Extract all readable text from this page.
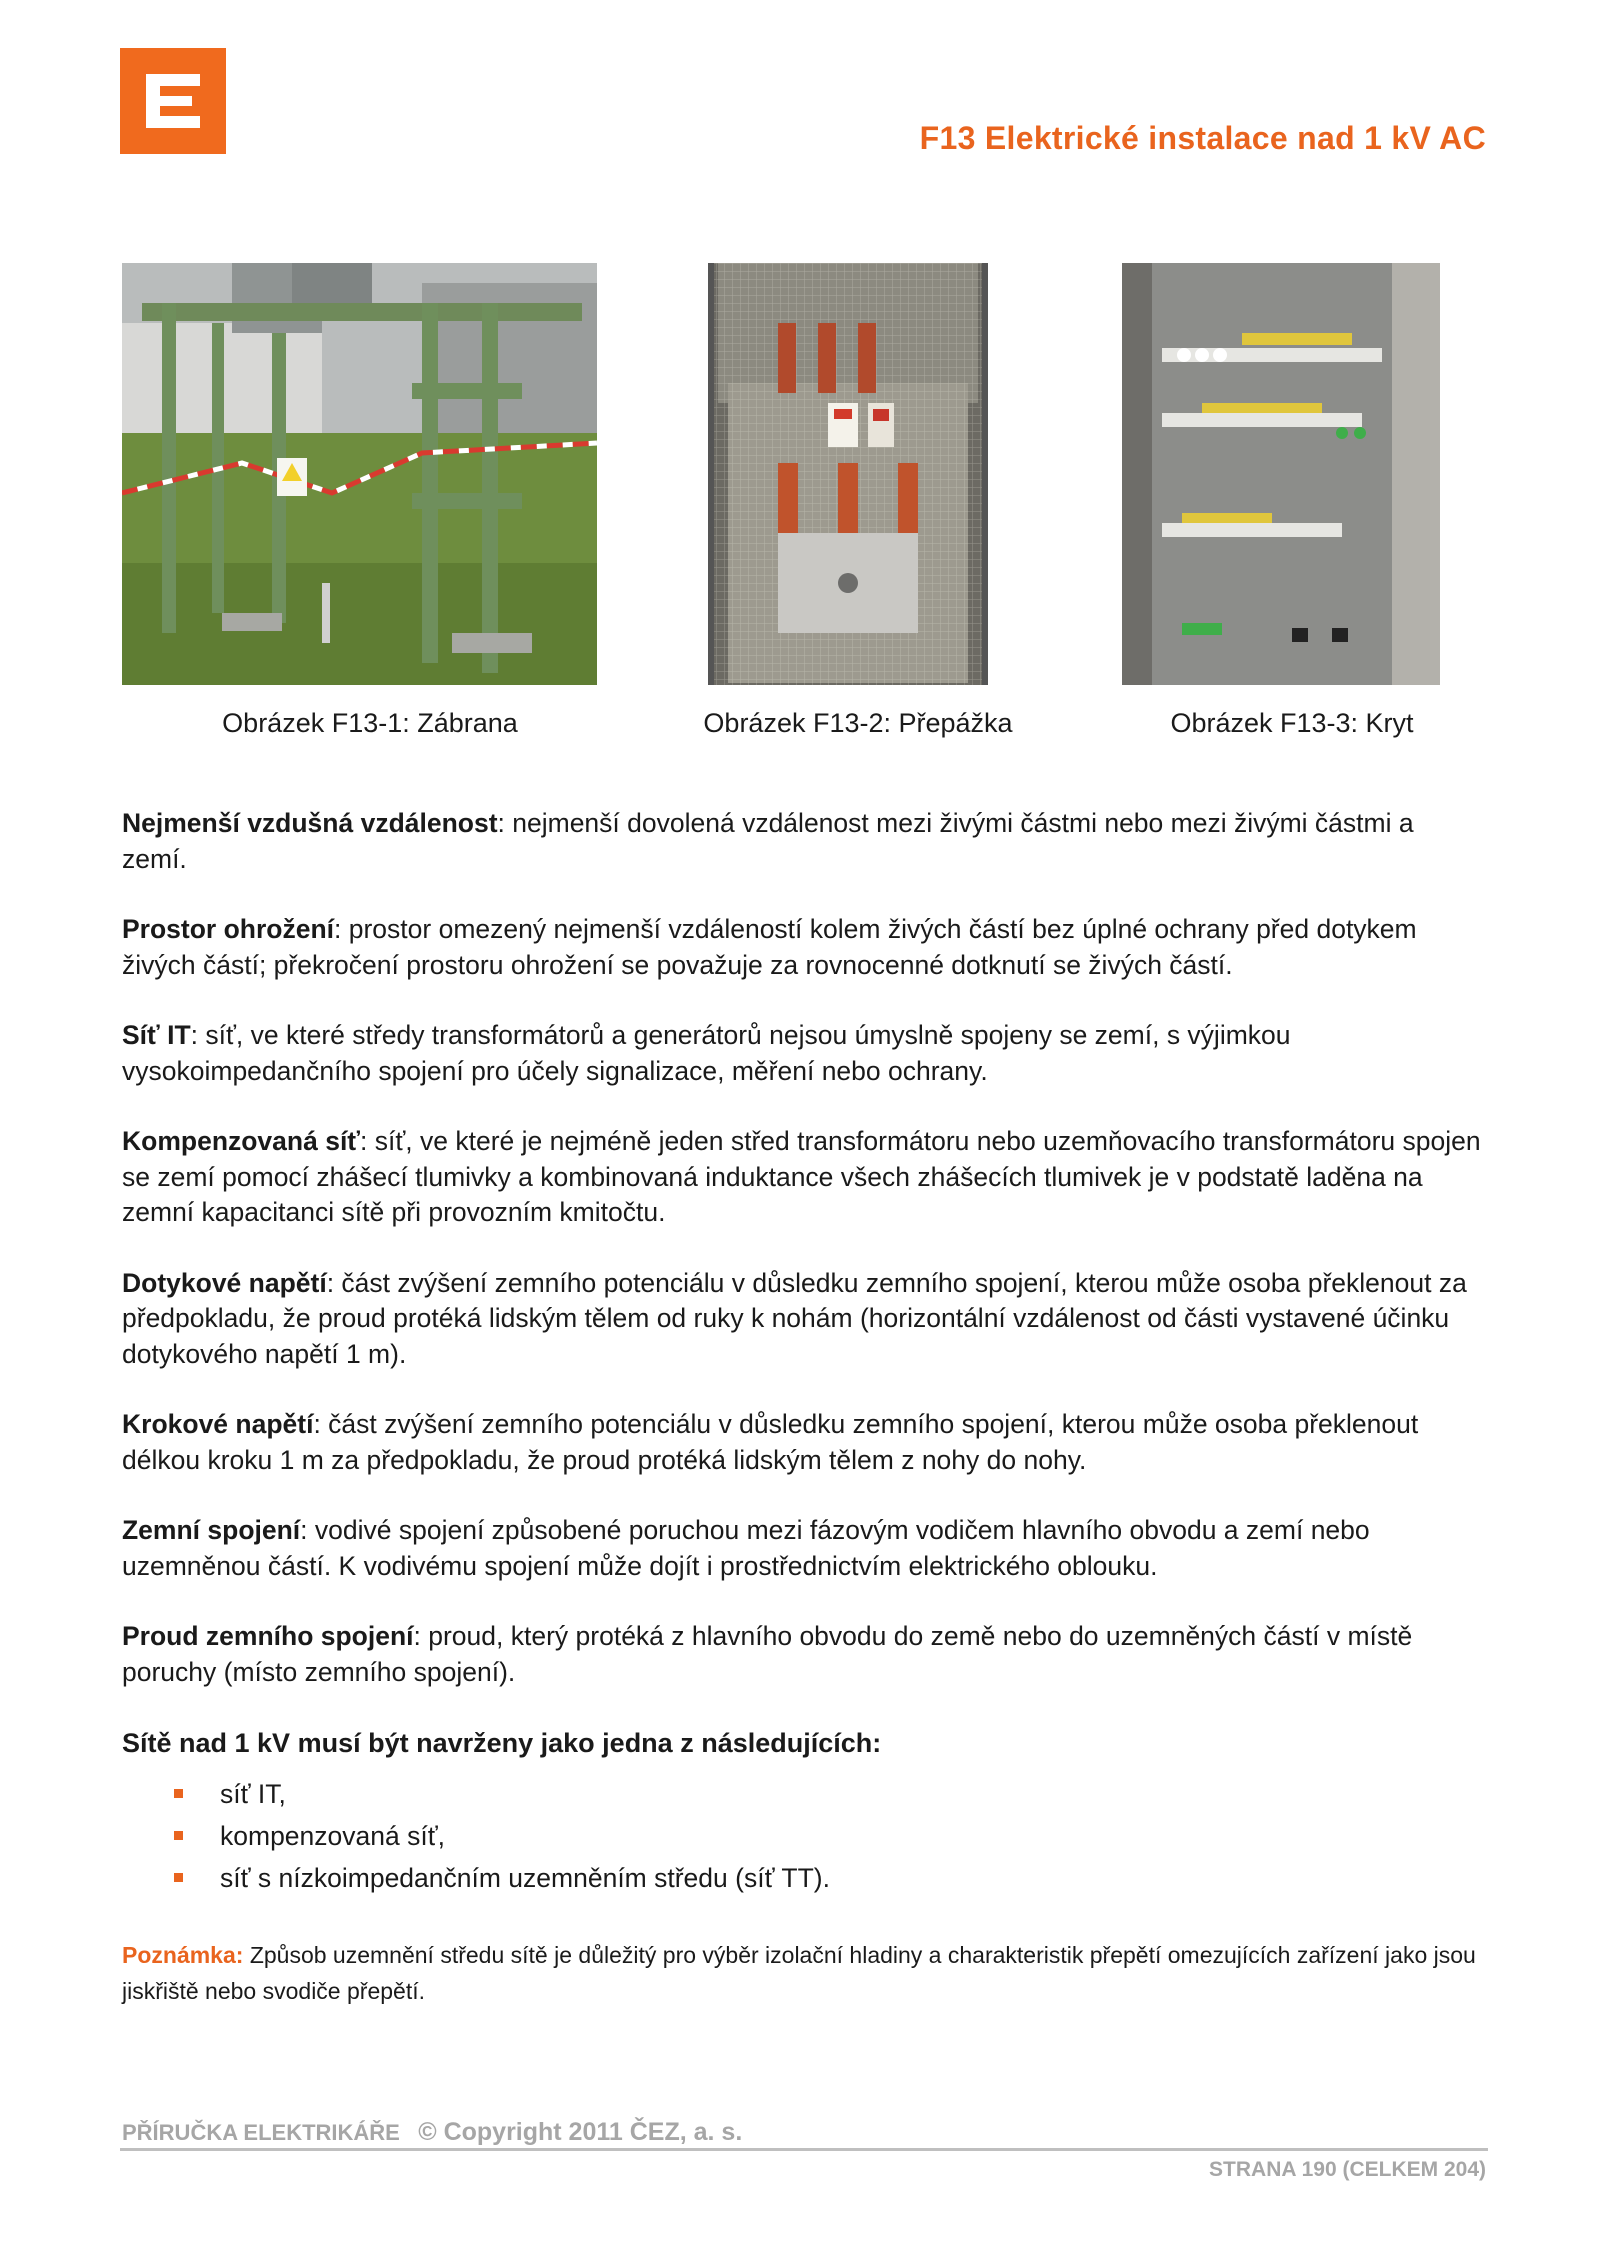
F13 Elektrické instalace nad 1 kV AC
Obrázek F13-1: Zábrana	Obrázek F13-2: Přepážka	Obrázek F13-3: Kryt

Nejmenší vzdušná vzdálenost: nejmenší dovolená vzdálenost mezi živými částmi nebo mezi živými částmi a zemí.

Prostor ohrožení: prostor omezený nejmenší vzdáleností kolem živých částí bez úplné ochrany před dotykem živých částí; překročení prostoru ohrožení se považuje za rovnocenné dotknutí se živých částí.

Síť IT: síť, ve které středy transformátorů a generátorů nejsou úmyslně spojeny se zemí, s výjimkou vysokoimpedančního spojení pro účely signalizace, měření nebo ochrany.

Kompenzovaná síť: síť, ve které je nejméně jeden střed transformátoru nebo uzemňovacího transformátoru spojen se zemí pomocí zhášecí tlumivky a kombinovaná induktance všech zhášecích tlumivek je v podstatě laděna na zemní kapacitanci sítě při provozním kmitočtu.

Dotykové napětí: část zvýšení zemního potenciálu v důsledku zemního spojení, kterou může osoba překlenout za předpokladu, že proud protéká lidským tělem od ruky k nohám (horizontální vzdálenost od části vystavené účinku dotykového napětí 1 m).

Krokové napětí: část zvýšení zemního potenciálu v důsledku zemního spojení, kterou může osoba překlenout délkou kroku 1 m za předpokladu, že proud protéká lidským tělem z nohy do nohy.

Zemní spojení: vodivé spojení způsobené poruchou mezi fázovým vodičem hlavního obvodu a zemí nebo uzemněnou částí. K vodivému spojení může dojít i prostřednictvím elektrického oblouku.

Proud zemního spojení: proud, který protéká z hlavního obvodu do země nebo do uzemněných částí v místě poruchy (místo zemního spojení).

Sítě nad 1 kV musí být navrženy jako jedna z následujících:

síť IT,
kompenzovaná síť,
síť s nízkoimpedančním uzemněním středu (síť TT).

Poznámka: Způsob uzemnění středu sítě je důležitý pro výběr izolační hladiny a charakteristik přepětí omezujících zařízení jako jsou jiskřiště nebo svodiče přepětí.

PŘÍRUČKA ELEKTRIKÁŘE © Copyright 2011 ČEZ, a. s.
STRANA 190 (CELKEM 204)
